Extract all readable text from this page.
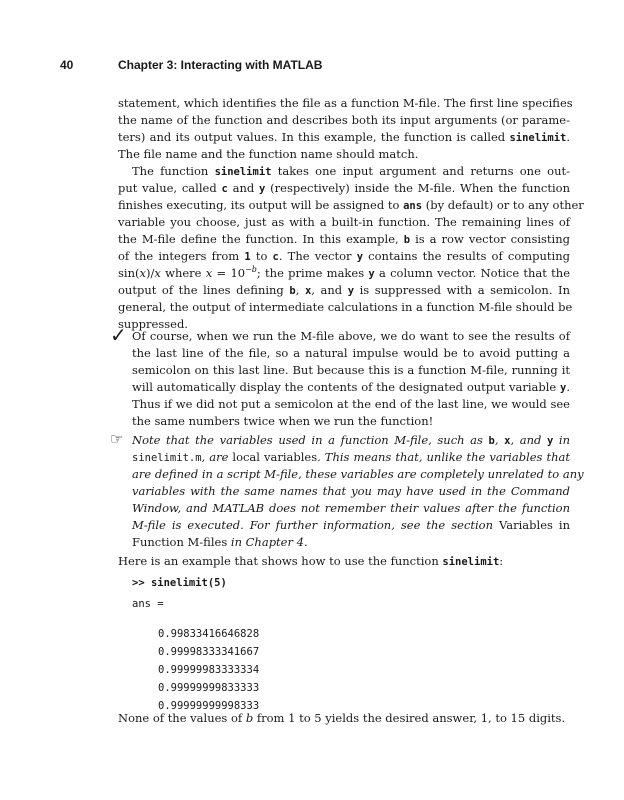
40	Chapter 3: Interacting with MATLAB
statement, which identifies the file as a function M-file. The first line specifies
the name of the function and describes both its input arguments (or parame-
ters) and its output values. In this example, the function is called sinelimit.
The file name and the function name should match.
The function sinelimit takes one input argument and returns one out-
put value, called c and y (respectively) inside the M-file. When the function
finishes executing, its output will be assigned to ans (by default) or to any other
variable you choose, just as with a built-in function. The remaining lines of
the M-file define the function. In this example, b is a row vector consisting
of the integers from 1 to c. The vector y contains the results of computing
sin(x)/x where $x = 10^{-b}$; the prime makes y a column vector. Notice that the
output of the lines defining b, x, and y is suppressed with a semicolon. In
general, the output of intermediate calculations in a function M-file should be
suppressed.
✓ Of course, when we run the M-file above, we do want to see the results of
the last line of the file, so a natural impulse would be to avoid putting a
semicolon on this last line. But because this is a function M-file, running it
will automatically display the contents of the designated output variable y.
Thus if we did not put a semicolon at the end of the last line, we would see
the same numbers twice when we run the function!
☞ Note that the variables used in a function M-file, such as b, x, and y in
sinelimit.m, are local variables. This means that, unlike the variables that
are defined in a script M-file, these variables are completely unrelated to any
variables with the same names that you may have used in the Command
Window, and MATLAB does not remember their values after the function
M-file is executed. For further information, see the section Variables in
Function M-files in Chapter 4.
Here is an example that shows how to use the function sinelimit:
>> sinelimit(5)
ans =
0.99833416646828
0.99998333341667
0.99999983333334
0.99999999833333
0.99999999998333
None of the values of b from 1 to 5 yields the desired answer, 1, to 15 digits.
